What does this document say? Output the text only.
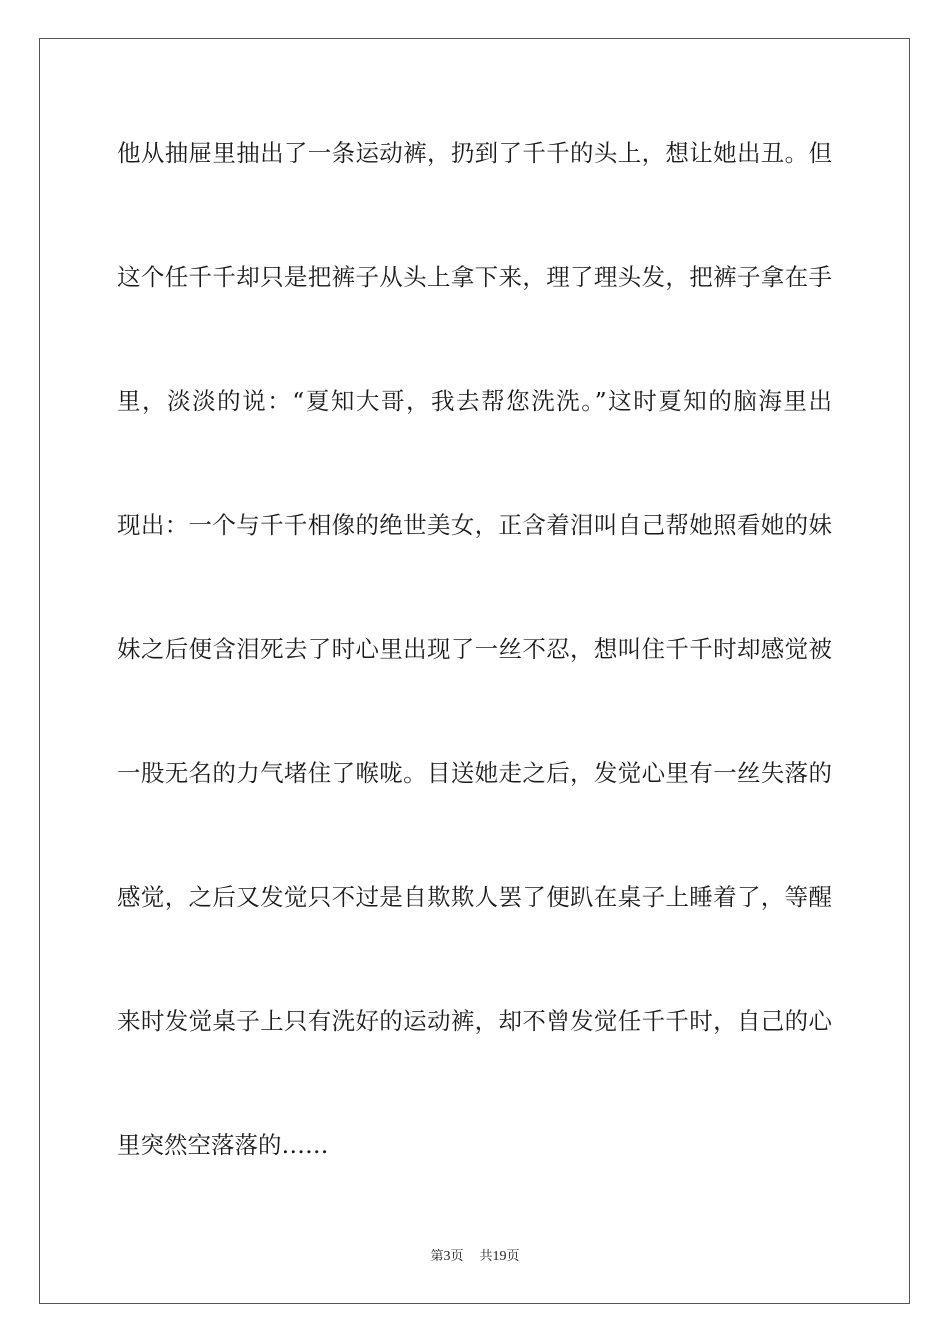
他从抽屉里抽出了一条运动裤，扔到了千千的头上，想让她出丑。但
这个任千千却只是把裤子从头上拿下来，理了理头发，把裤子拿在手
里，淡淡的说：“夏知大哥，我去帮您洗洗。”这时夏知的脑海里出
现出：一个与千千相像的绝世美女，正含着泪叫自己帮她照看她的妹
妹之后便含泪死去了时心里出现了一丝不忍，想叫住千千时却感觉被
一股无名的力气堵住了喉咙。目送她走之后，发觉心里有一丝失落的
感觉，之后又发觉只不过是自欺欺人罢了便趴在桌子上睡着了，等醒
来时发觉桌子上只有洗好的运动裤，却不曾发觉任千千时，自己的心
里突然空落落的……
第3页 共19页
